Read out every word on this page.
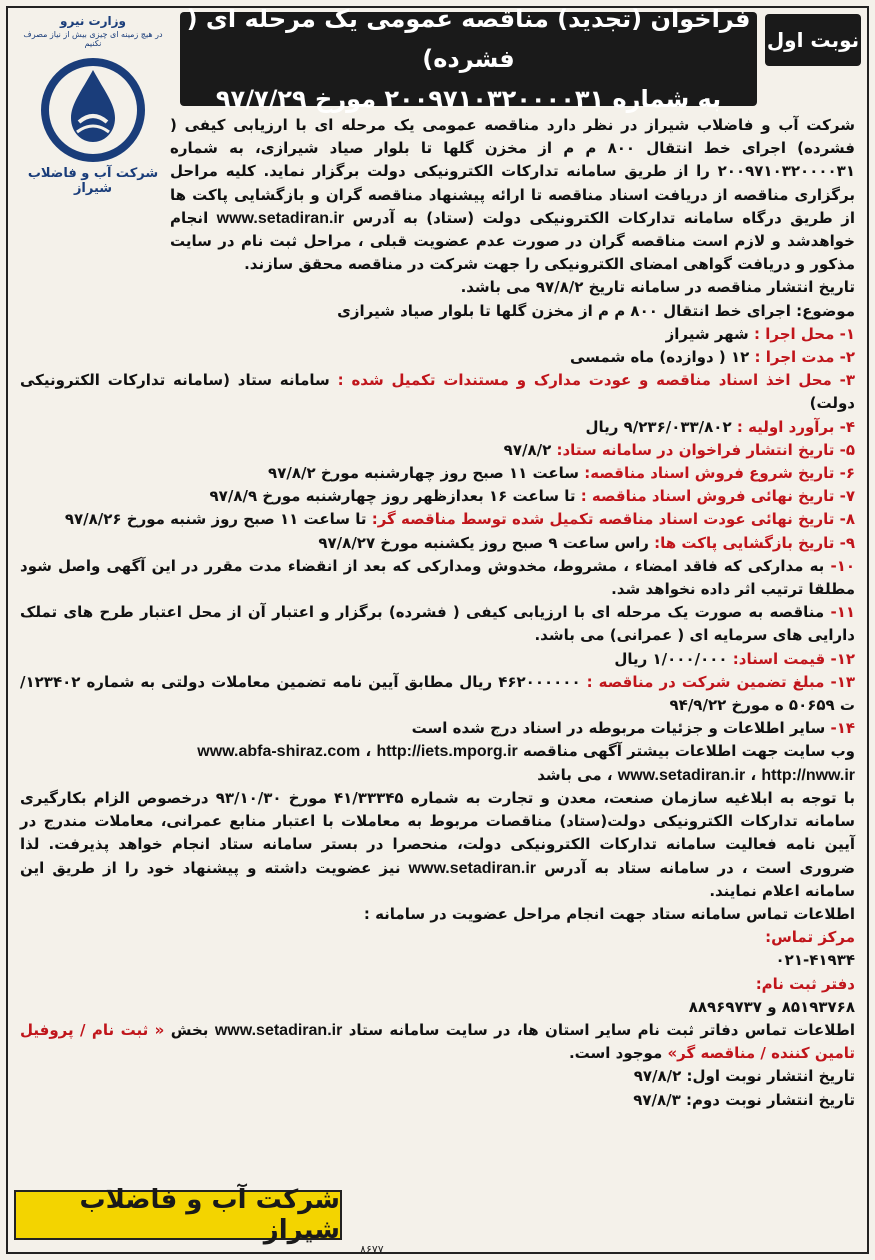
نوبت اول
فراخوان (تجدید) مناقصه عمومی یک مرحله ای ( فشرده)
به شماره ۲۰۰۹۷۱۰۳۲۰۰۰۰۳۱ مورخ ۹۷/۷/۲۹
وزارت نیرو
در هیچ زمینه ای چیزی بیش از نیاز مصرف نکنیم
شرکت آب و فاضلاب شیراز
شرکت آب و فاضلاب شیراز در نظر دارد مناقصه عمومی یک مرحله ای با ارزیابی کیفی ( فشرده) اجرای خط انتقال ۸۰۰ م م از مخزن گلها تا بلوار صیاد شیرازی، به شماره ۲۰۰۹۷۱۰۳۲۰۰۰۰۳۱ را از طریق سامانه تدارکات الکترونیکی دولت برگزار نماید. کلیه مراحل برگزاری مناقصه از دریافت اسناد مناقصه تا ارائه پیشنهاد مناقصه گران و بازگشایی پاکت ها از طریق درگاه سامانه تدارکات الکترونیکی دولت (ستاد) به آدرس www.setadiran.ir انجام خواهدشد و لازم است مناقصه گران در صورت عدم عضویت قبلی ، مراحل ثبت نام در سایت مذکور و دریافت گواهی امضای الکترونیکی را جهت شرکت در مناقصه محقق سازند.
تاریخ انتشار مناقصه در سامانه تاریخ ۹۷/۸/۲ می باشد.
موضوع: اجرای خط انتقال ۸۰۰ م م از مخزن گلها تا بلوار صیاد شیرازی
۱- محل اجرا : شهر شیراز
۲- مدت اجرا : ۱۲ ( دوازده) ماه شمسی
۳- محل اخذ اسناد مناقصه و عودت مدارک و مستندات تکمیل شده : سامانه ستاد (سامانه تدارکات الکترونیکی دولت)
۴- برآورد اولیه : ۹/۲۳۶/۰۳۳/۸۰۲ ریال
۵- تاریخ انتشار فراخوان در سامانه ستاد: ۹۷/۸/۲
۶- تاریخ شروع فروش اسناد مناقصه: ساعت ۱۱ صبح روز چهارشنبه مورخ ۹۷/۸/۲
۷- تاریخ نهائی فروش اسناد مناقصه : تا ساعت ۱۶ بعدازظهر روز چهارشنبه مورخ ۹۷/۸/۹
۸- تاریخ نهائی عودت اسناد مناقصه تکمیل شده توسط مناقصه گر: تا ساعت ۱۱ صبح روز شنبه مورخ ۹۷/۸/۲۶
۹- تاریخ بازگشایی پاکت ها: راس ساعت ۹ صبح روز یکشنبه مورخ ۹۷/۸/۲۷
۱۰- به مدارکی که فاقد امضاء ، مشروط، مخدوش ومدارکی که بعد از انقضاء مدت مقرر در این آگهی واصل شود مطلقا ترتیب اثر داده نخواهد شد.
۱۱- مناقصه به صورت یک مرحله ای با ارزیابی کیفی ( فشرده) برگزار و اعتبار آن از محل اعتبار طرح های تملک دارایی های سرمایه ای ( عمرانی) می باشد.
۱۲- قیمت اسناد: ۱/۰۰۰/۰۰۰ ریال
۱۳- مبلغ تضمین شرکت در مناقصه : ۴۶۲۰۰۰۰۰۰ ریال مطابق آیین نامه تضمین معاملات دولتی به شماره ۱۲۳۴۰۲/ت ۵۰۶۵۹ ه مورخ ۹۴/۹/۲۲
۱۴- سایر اطلاعات و جزئیات مربوطه در اسناد درج شده است
وب سایت جهت اطلاعات بیشتر آگهی مناقصه www.abfa-shiraz.com ، http://iets.mporg.ir
www.setadiran.ir ، http://nww.ir ، می باشد
با توجه به ابلاغیه سازمان صنعت، معدن و تجارت به شماره ۴۱/۳۳۳۴۵ مورخ ۹۳/۱۰/۳۰ درخصوص الزام بکارگیری سامانه تدارکات الکترونیکی دولت(ستاد) مناقصات مربوط به معاملات با اعتبار منابع عمرانی، معاملات مندرج در آیین نامه فعالیت سامانه تدارکات الکترونیکی دولت، منحصرا در بستر سامانه ستاد انجام خواهد پذیرفت. لذا ضروری است ، در سامانه ستاد به آدرس www.setadiran.ir نیز عضویت داشته و پیشنهاد خود را از طریق این سامانه اعلام نمایند.
اطلاعات تماس سامانه ستاد جهت انجام مراحل عضویت در سامانه :
مرکز تماس:
۰۲۱-۴۱۹۳۴
دفتر ثبت نام:
۸۵۱۹۳۷۶۸ و ۸۸۹۶۹۷۳۷
اطلاعات تماس دفاتر ثبت نام سایر استان ها، در سایت سامانه ستاد www.setadiran.ir بخش « ثبت نام / پروفیل تامین کننده / مناقصه گر» موجود است.
تاریخ انتشار نوبت اول: ۹۷/۸/۲
تاریخ انتشار نوبت دوم: ۹۷/۸/۳
شرکت آب و فاضلاب شیراز
۸۶۷۷
